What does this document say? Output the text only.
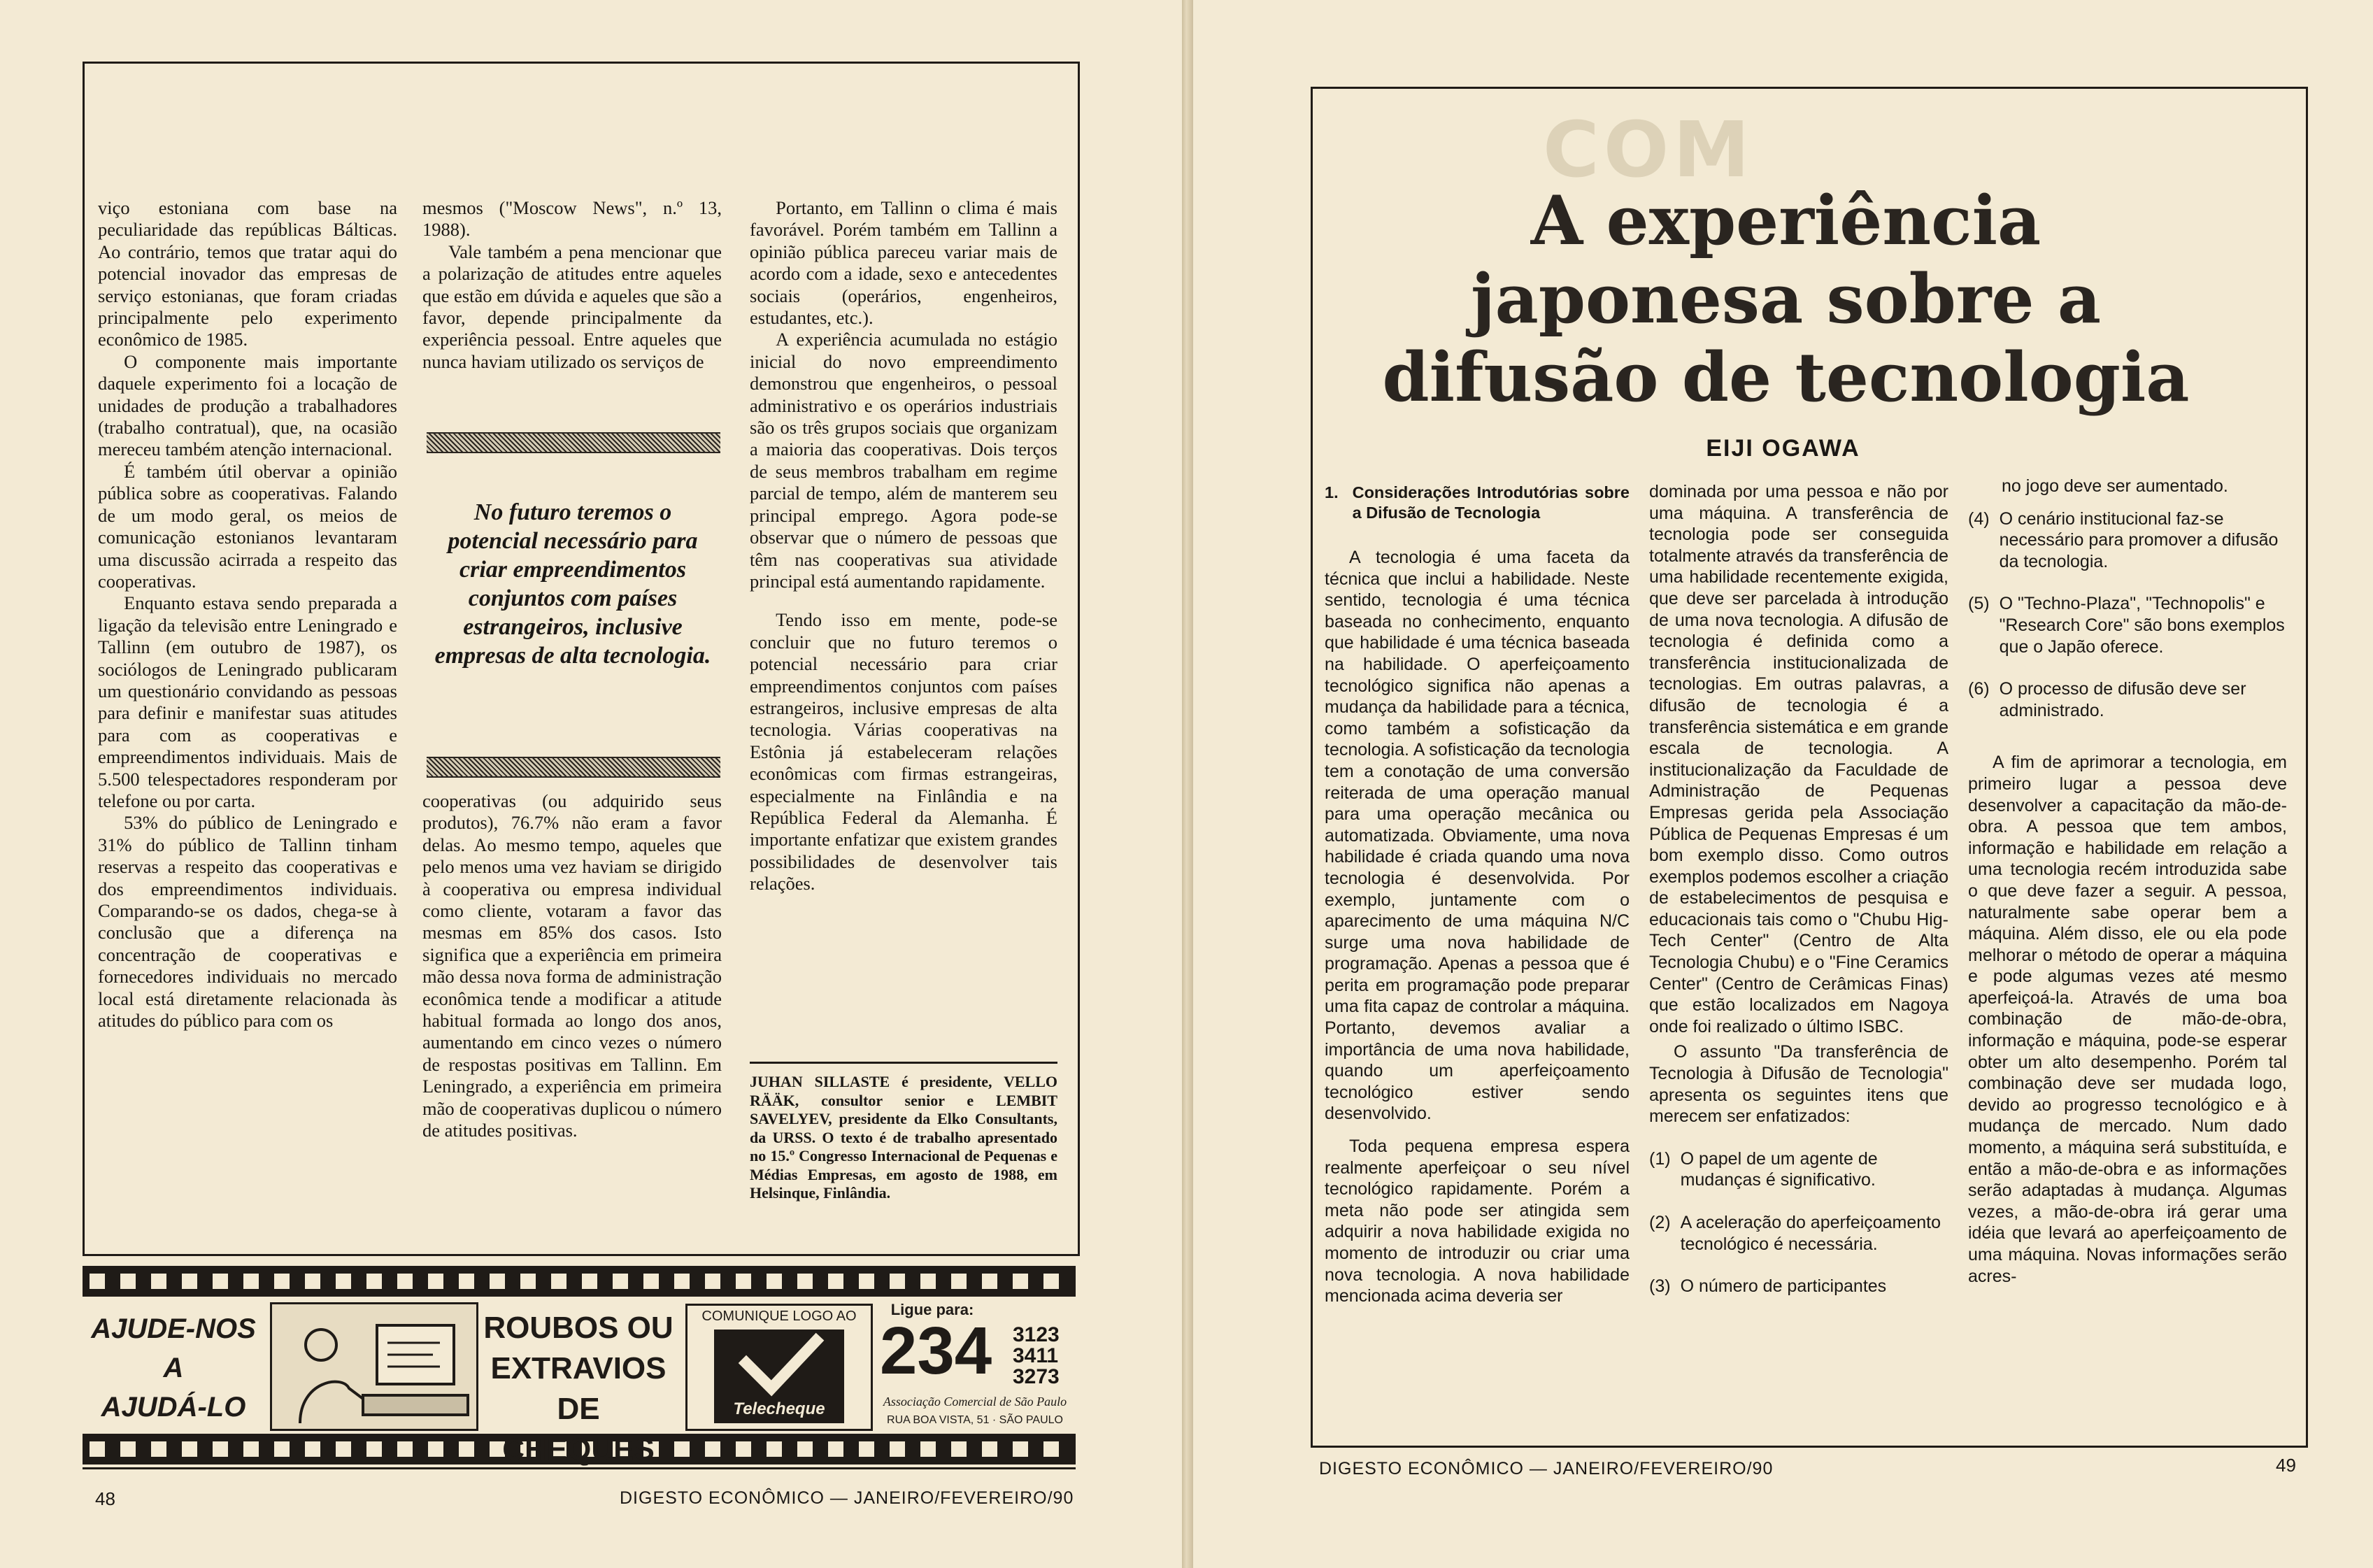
viço estoniana com base na peculiaridade das repúblicas Bálticas. Ao contrário, temos que tratar aqui do potencial inovador das empresas de serviço estonianas, que foram criadas principalmente pelo experimento econômico de 1985.

O componente mais importante daquele experimento foi a locação de unidades de produção a trabalhadores (trabalho contratual), que, na ocasião mereceu também atenção internacional.

É também útil obervar a opinião pública sobre as cooperativas. Falando de um modo geral, os meios de comunicação estonianos levantaram uma discussão acirrada a respeito das cooperativas.

Enquanto estava sendo preparada a ligação da televisão entre Leningrado e Tallinn (em outubro de 1987), os sociólogos de Leningrado publicaram um questionário convidando as pessoas para definir e manifestar suas atitudes para com as cooperativas e empreendimentos individuais. Mais de 5.500 telespectadores responderam por telefone ou por carta.

53% do público de Leningrado e 31% do público de Tallinn tinham reservas a respeito das cooperativas e dos empreendimentos individuais. Comparando-se os dados, chega-se à conclusão que a diferença na concentração de cooperativas e fornecedores individuais no mercado local está diretamente relacionada às atitudes do público para com os

mesmos ("Moscow News", n.º 13, 1988).

Vale também a pena mencionar que a polarização de atitudes entre aqueles que estão em dúvida e aqueles que são a favor, depende principalmente da experiência pessoal. Entre aqueles que nunca haviam utilizado os serviços de

No futuro teremos o potencial necessário para criar empreendimentos conjuntos com países estrangeiros, inclusive empresas de alta tecnologia.

cooperativas (ou adquirido seus produtos), 76.7% não eram a favor delas. Ao mesmo tempo, aqueles que pelo menos uma vez haviam se dirigido à cooperativa ou empresa individual como cliente, votaram a favor das mesmas em 85% dos casos. Isto significa que a experiência em primeira mão dessa nova forma de administração econômica tende a modificar a atitude habitual formada ao longo dos anos, aumentando em cinco vezes o número de respostas positivas em Tallinn. Em Leningrado, a experiência em primeira mão de cooperativas duplicou o número de atitudes positivas.

Portanto, em Tallinn o clima é mais favorável. Porém também em Tallinn a opinião pública pareceu variar mais de acordo com a idade, sexo e antecedentes sociais (operários, engenheiros, estudantes, etc.).

A experiência acumulada no estágio inicial do novo empreendimento demonstrou que engenheiros, o pessoal administrativo e os operários industriais são os três grupos sociais que organizam a maioria das cooperativas. Dois terços de seus membros trabalham em regime parcial de tempo, além de manterem seu principal emprego. Agora pode-se observar que o número de pessoas que têm nas cooperativas sua atividade principal está aumentando rapidamente.

Tendo isso em mente, pode-se concluir que no futuro teremos o potencial necessário para criar empreendimentos conjuntos com países estrangeiros, inclusive empresas de alta tecnologia. Várias cooperativas na Estônia já estabeleceram relações econômicas com firmas estrangeiras, especialmente na Finlândia e na República Federal da Alemanha. É importante enfatizar que existem grandes possibilidades de desenvolver tais relações.

JUHAN SILLASTE é presidente, VELLO RÄÄK, consultor senior e LEMBIT SAVELYEV, presidente da Elko Consultants, da URSS. O texto é de trabalho apresentado no 15.º Congresso Internacional de Pequenas e Médias Empresas, em agosto de 1988, em Helsinque, Finlândia.
AJUDE-NOS
A
AJUDÁ-LO
ROUBOS OU
EXTRAVIOS
DE CHEQUES
COMUNIQUE LOGO AO
Telecheque
Ligue para:
234 3123
3411
3273
Associação Comercial de São Paulo
RUA BOA VISTA, 51 · SÃO PAULO
48	DIGESTO ECONÔMICO — JANEIRO/FEVEREIRO/90
COM
A experiência
japonesa sobre a
difusão de tecnologia
EIJI OGAWA
1. Considerações Introdutórias sobre a Difusão de Tecnologia

A tecnologia é uma faceta da técnica que inclui a habilidade. Neste sentido, tecnologia é uma técnica baseada no conhecimento, enquanto que habilidade é uma técnica baseada na habilidade. O aperfeiçoamento tecnológico significa não apenas a mudança da habilidade para a técnica, como também a sofisticação da tecnologia. A sofisticação da tecnologia tem a conotação de uma conversão reiterada de uma operação manual para uma operação mecânica ou automatizada. Obviamente, uma nova habilidade é criada quando uma nova tecnologia é desenvolvida. Por exemplo, juntamente com o aparecimento de uma máquina N/C surge uma nova habilidade de programação. Apenas a pessoa que é perita em programação pode preparar uma fita capaz de controlar a máquina. Portanto, devemos avaliar a importância de uma nova habilidade, quando um aperfeiçoamento tecnológico estiver sendo desenvolvido.

Toda pequena empresa espera realmente aperfeiçoar o seu nível tecnológico rapidamente. Porém a meta não pode ser atingida sem adquirir a nova habilidade exigida no momento de introduzir ou criar uma nova tecnologia. A nova habilidade mencionada acima deveria ser

dominada por uma pessoa e não por uma máquina. A transferência de tecnologia pode ser conseguida totalmente através da transferência de uma habilidade recentemente exigida, que deve ser parcelada à introdução de uma nova tecnologia. A difusão de tecnologia é definida como a transferência institucionalizada de tecnologias. Em outras palavras, a difusão de tecnologia é a transferência sistemática e em grande escala de tecnologia. A institucionalização da Faculdade de Administração de Pequenas Empresas gerida pela Associação Pública de Pequenas Empresas é um bom exemplo disso. Como outros exemplos podemos escolher a criação de estabelecimentos de pesquisa e educacionais tais como o "Chubu Hig-Tech Center" (Centro de Alta Tecnologia Chubu) e o "Fine Ceramics Center" (Centro de Cerâmicas Finas) que estão localizados em Nagoya onde foi realizado o último ISBC.

O assunto "Da transferência de Tecnologia à Difusão de Tecnologia" apresenta os seguintes itens que merecem ser enfatizados:

(1) O papel de um agente de mudanças é significativo.
(2) A aceleração do aperfeiçoamento tecnológico é necessária.
(3) O número de participantes

no jogo deve ser aumentado.

(4) O cenário institucional faz-se necessário para promover a difusão da tecnologia.
(5) O "Techno-Plaza", "Technopolis" e "Research Core" são bons exemplos que o Japão oferece.
(6) O processo de difusão deve ser administrado.

A fim de aprimorar a tecnologia, em primeiro lugar a pessoa deve desenvolver a capacitação da mão-de-obra. A pessoa que tem ambos, informação e habilidade em relação a uma tecnologia recém introduzida sabe o que deve fazer a seguir. A pessoa, naturalmente sabe operar bem a máquina. Além disso, ele ou ela pode melhorar o método de operar a máquina e pode algumas vezes até mesmo aperfeiçoá-la. Através de uma boa combinação de mão-de-obra, informação e máquina, pode-se esperar obter um alto desempenho. Porém tal combinação deve ser mudada logo, devido ao progresso tecnológico e à mudança de mercado. Num dado momento, a máquina será substituída, e então a mão-de-obra e as informações serão adaptadas à mudança. Algumas vezes, a mão-de-obra irá gerar uma idéia que levará ao aperfeiçoamento de uma máquina. Novas informações serão acres-

DIGESTO ECONÔMICO — JANEIRO/FEVEREIRO/90	49
